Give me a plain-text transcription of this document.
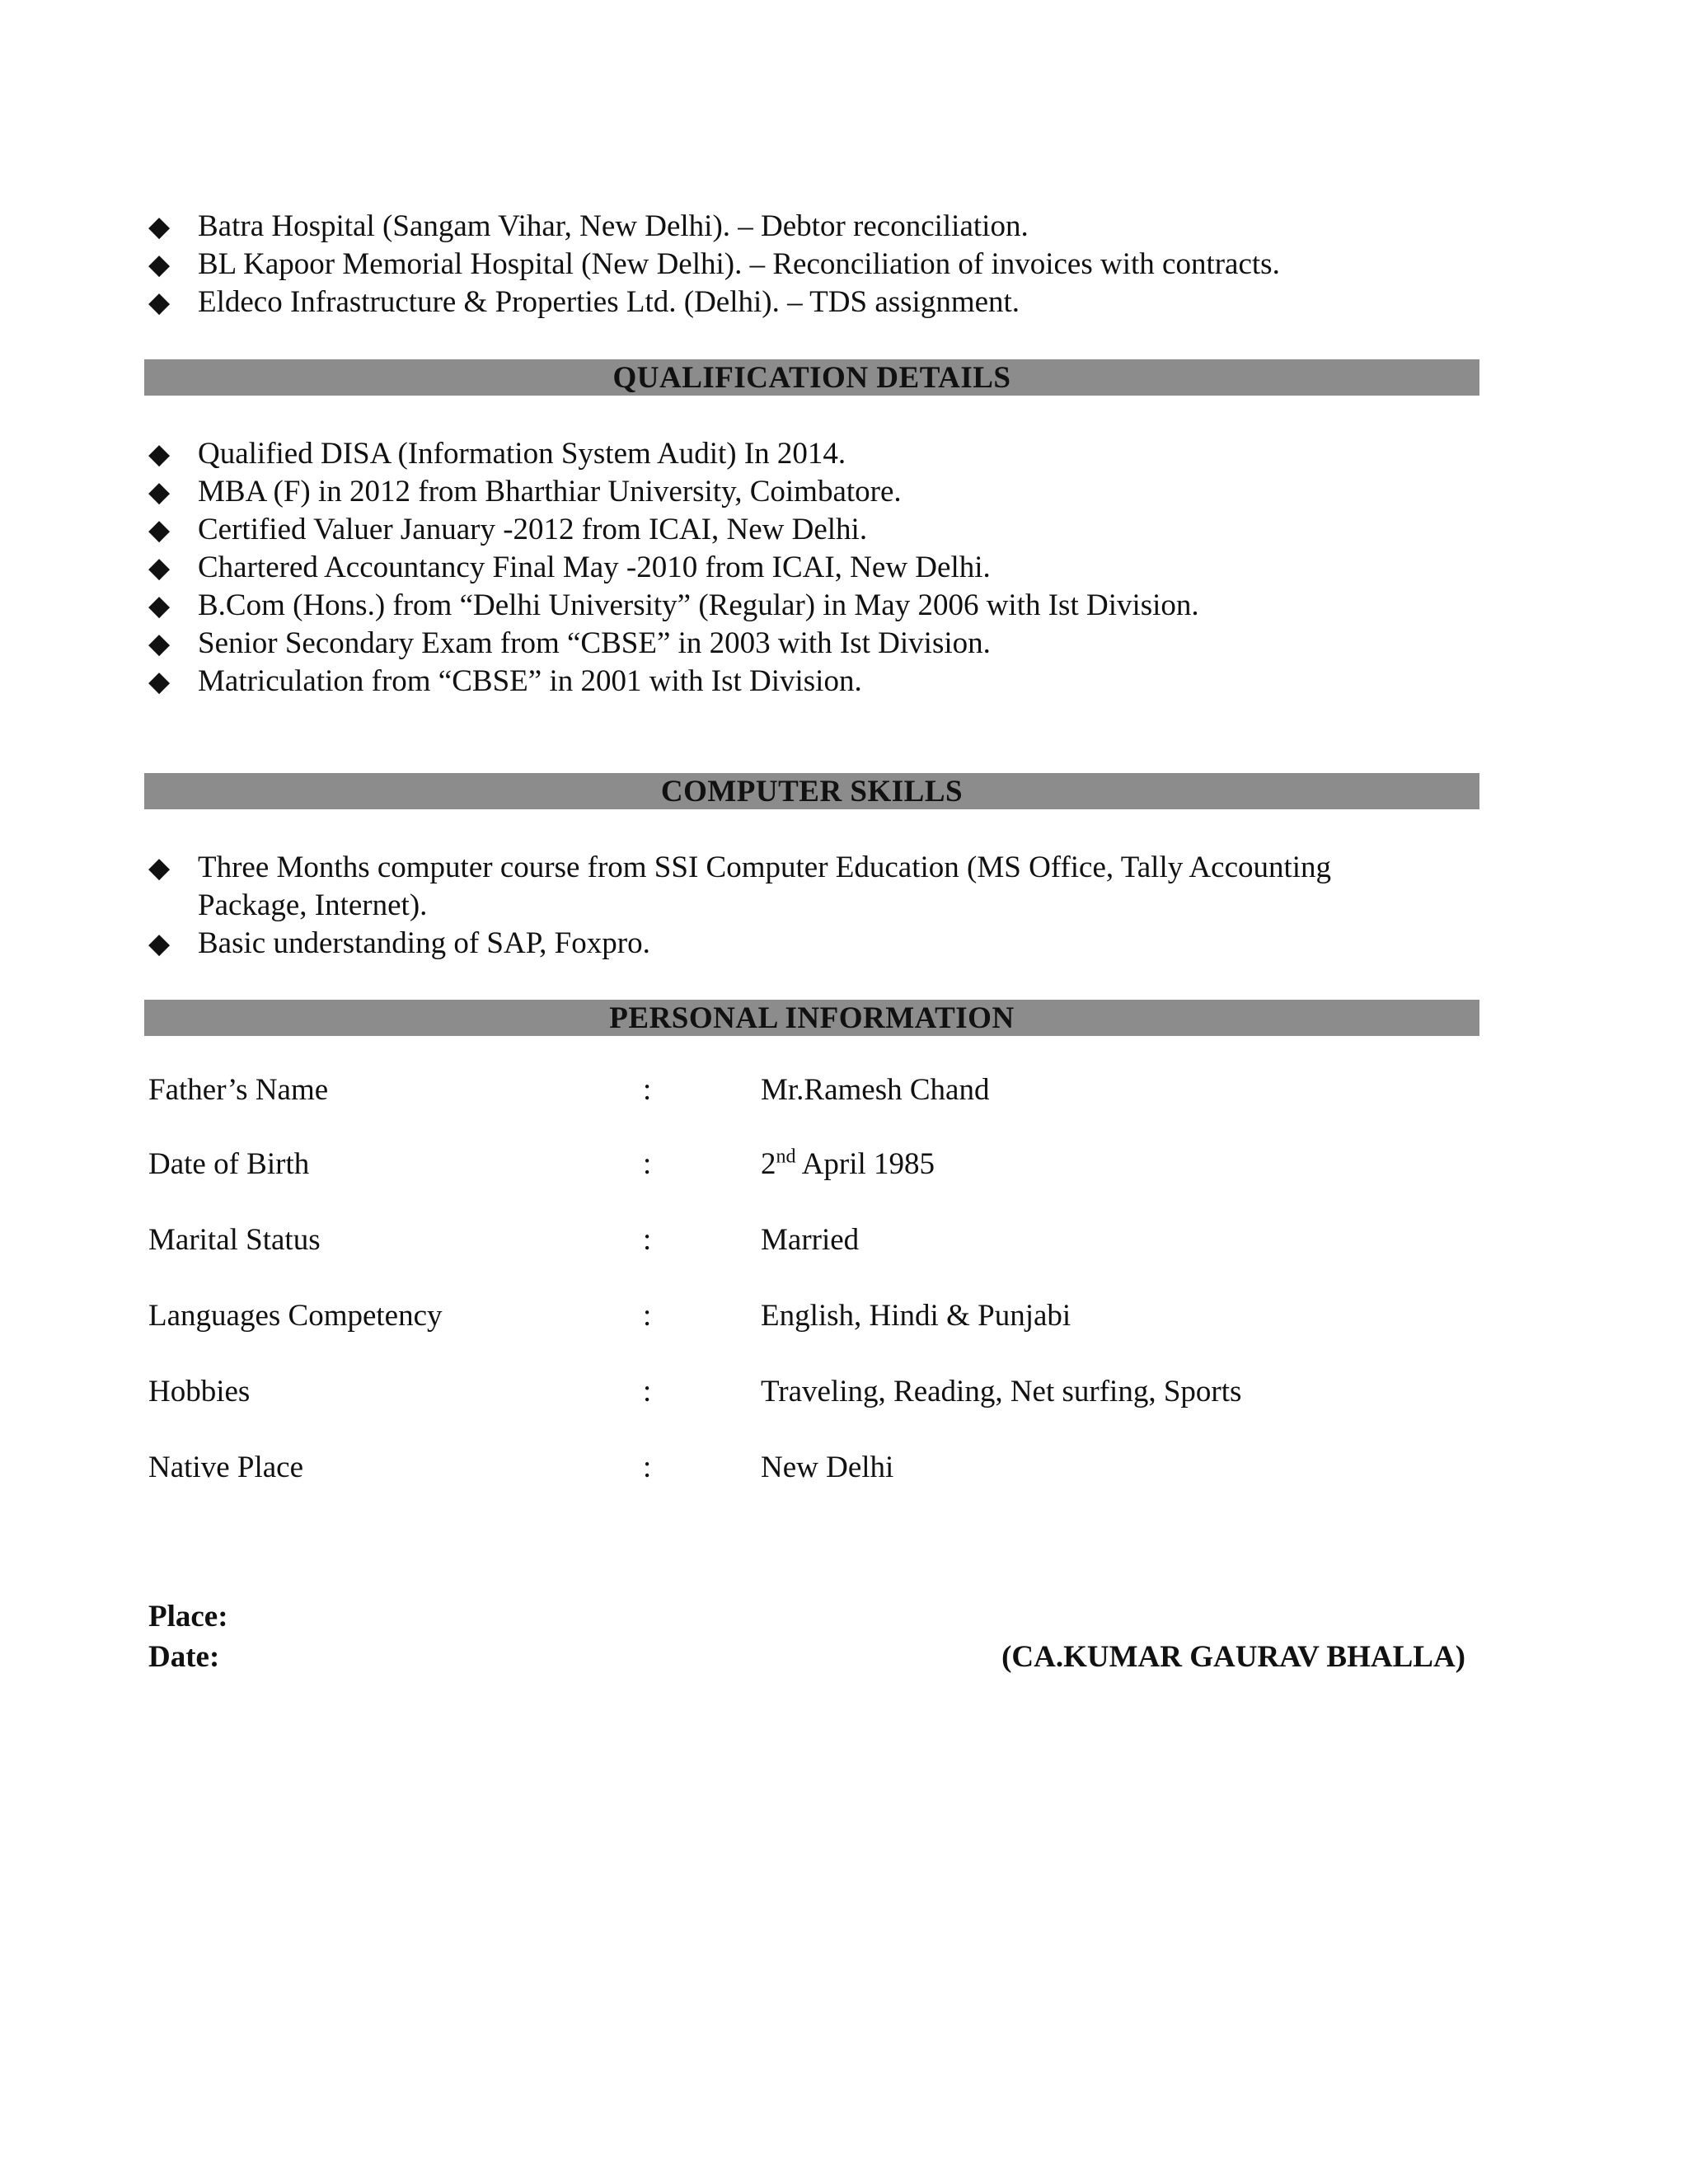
◆ Batra Hospital (Sangam Vihar, New Delhi). – Debtor reconciliation.
◆ BL Kapoor Memorial Hospital (New Delhi). – Reconciliation of invoices with contracts.
◆ Eldeco Infrastructure & Properties Ltd. (Delhi). – TDS assignment.
QUALIFICATION DETAILS
◆ Qualified DISA (Information System Audit) In 2014.
◆ MBA (F) in 2012 from Bharthiar University, Coimbatore.
◆ Certified Valuer January -2012 from ICAI, New Delhi.
◆ Chartered Accountancy Final May -2010 from ICAI, New Delhi.
◆ B.Com (Hons.) from “Delhi University” (Regular) in May 2006 with Ist Division.
◆ Senior Secondary Exam from “CBSE” in 2003 with Ist Division.
◆ Matriculation from “CBSE” in 2001 with Ist Division.
COMPUTER SKILLS
◆ Three Months computer course from SSI Computer Education (MS Office, Tally Accounting Package, Internet).
◆ Basic understanding of SAP, Foxpro.
PERSONAL INFORMATION
Father’s Name	:	Mr.Ramesh Chand
Date of Birth	:	2nd April 1985
Marital Status	:	Married
Languages Competency	:	English, Hindi & Punjabi
Hobbies	:	Traveling, Reading, Net surfing, Sports
Native Place	:	New Delhi
Place:
Date:	(CA.KUMAR GAURAV BHALLA)
